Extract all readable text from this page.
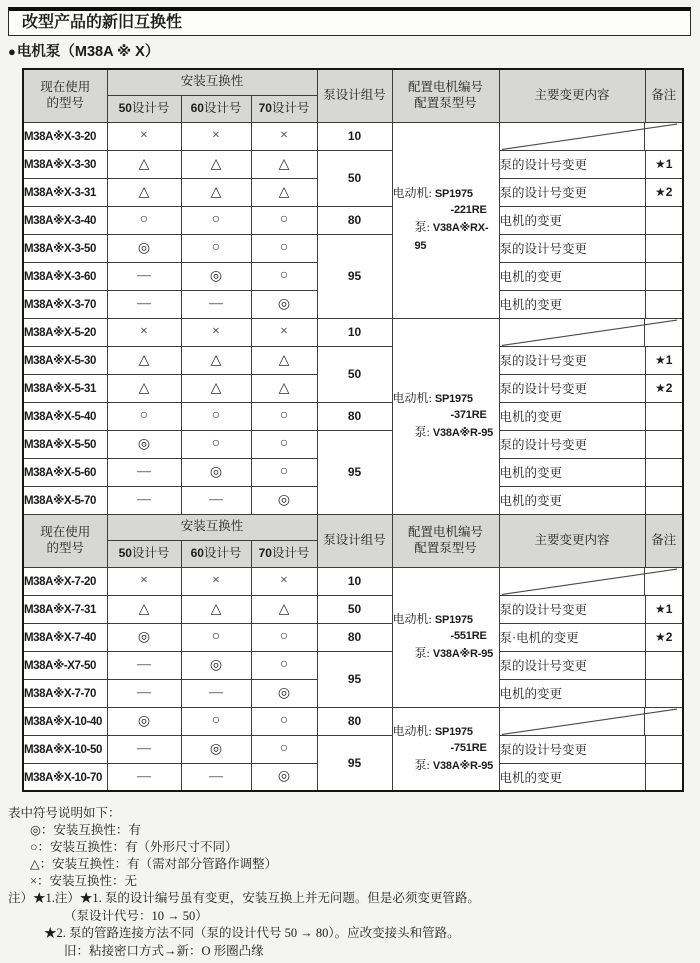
改型产品的新旧互换性
●电机泵（M38A ※ X）
现在使用
的型号
	安装互换性	泵设计组号	
配置电机编号
配置泵型号
	主要变更内容	备注
	50设计号	60设计号	70设计号				
M38A※X-3-20	×	×	×	10	电动机: SP1975
-221RE
泵: V38A※RX-95

M38A※X-3-30	△	△	△	50		泵的设计号变更	★1
M38A※X-3-31	△	△	△			泵的设计号变更	★2
M38A※X-3-40	○	○	○	80		电机的变更	
M38A※X-3-50	◎	○	○	95		泵的设计号变更	
M38A※X-3-60	—	◎	○			电机的变更	
M38A※X-3-70	—	—	◎			电机的变更	
M38A※X-5-20	×	×	×	10	电动机: SP1975
-371RE
泵: V38A※R-95

M38A※X-5-30	△	△	△	50		泵的设计号变更	★1
M38A※X-5-31	△	△	△			泵的设计号变更	★2
M38A※X-5-40	○	○	○	80		电机的变更	
M38A※X-5-50	◎	○	○	95		泵的设计号变更	
M38A※X-5-60	—	◎	○			电机的变更	
M38A※X-5-70	—	—	◎			电机的变更	

现在使用
的型号
	安装互换性	泵设计组号	
配置电机编号
配置泵型号
	主要变更内容	备注
	50设计号	60设计号	70设计号				
M38A※X-7-20	×	×	×	10	电动机: SP1975
-551RE
泵: V38A※R-95

M38A※X-7-31	△	△	△	50		泵的设计号变更	★1
M38A※X-7-40	◎	○	○	80		泵·电机的变更	★2
M38A※-X7-50	—	◎	○	95		泵的设计号变更	
M38A※X-7-70	—	—	◎			电机的变更	
M38A※X-10-40	◎	○	○	80	电动机: SP1975
-751RE
泵: V38A※R-95

M38A※X-10-50	—	◎	○	95		泵的设计号变更	
M38A※X-10-70	—	—	◎			电机的变更	
表中符号说明如下：
◎：安装互换性：有
○：安装互换性：有（外形尺寸不同）
△：安装互换性：有（需对部分管路作调整）
×：安装互换性：无
注）★1.注）★1. 泵的设计编号虽有变更，安装互换上并无问题。但是必须变更管路。
（泵设计代号：10 → 50）
★2. 泵的管路连接方法不同（泵的设计代号 50 → 80）。应改变接头和管路。
旧：粘接密口方式→新：O 形圈凸缘
